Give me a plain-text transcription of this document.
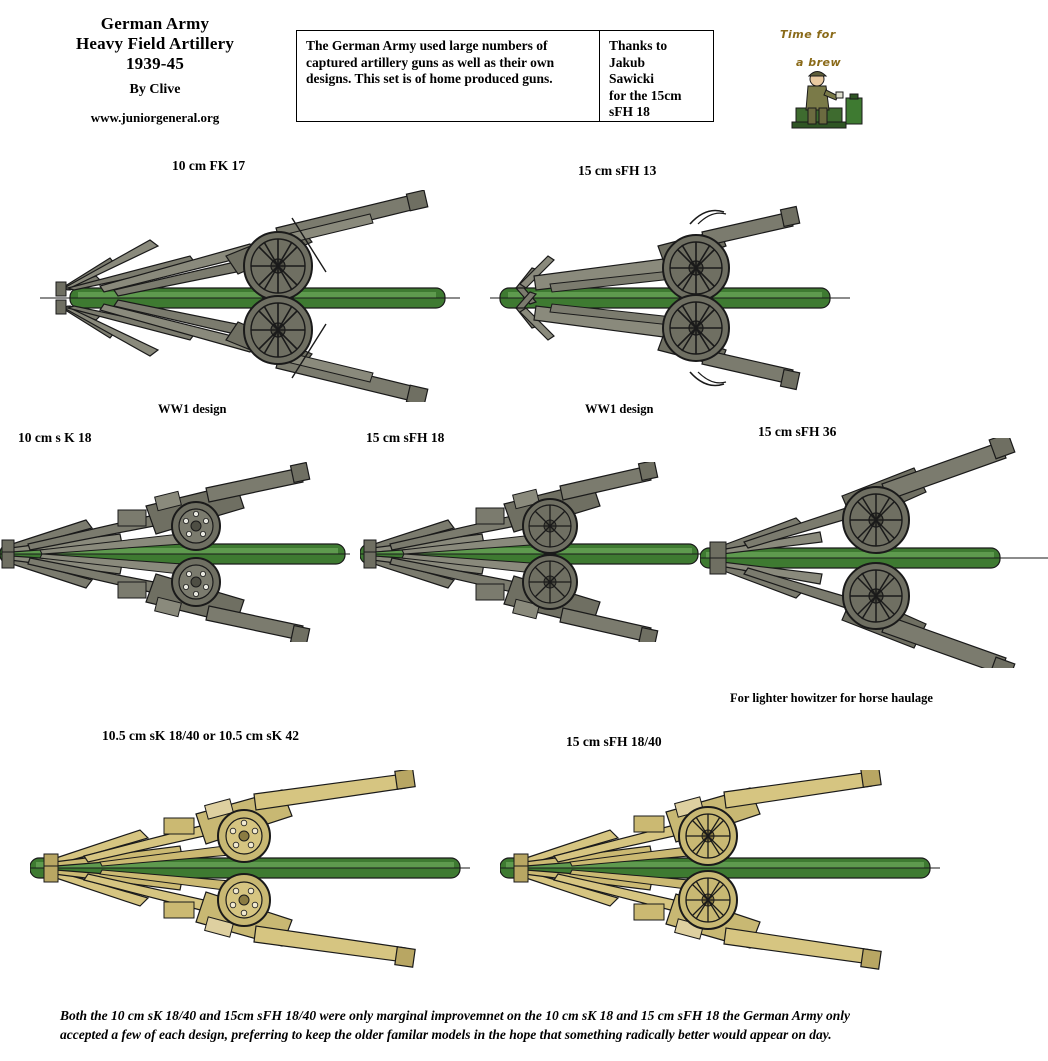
German Army
Heavy Field Artillery
1939-45
By Clive
www.juniorgeneral.org
The German Army used large numbers of captured artillery guns as well as their own designs. This set is of home produced guns.
Thanks to
Jakub
Sawicki
for the 15cm
sFH 18
Time for
a brew
10 cm FK 17
WW1 design
15 cm sFH 13
WW1 design
10 cm s K 18	15 cm sFH 18	15 cm sFH 36
For lighter howitzer for horse haulage
10.5 cm sK 18/40 or 10.5 cm sK 42	15 cm sFH 18/40
Both the 10 cm sK 18/40 and 15cm sFH 18/40 were only marginal improvemnet on the 10 cm sK 18 and 15 cm sFH 18 the German Army only
accepted a few of each design, preferring to keep the older familar models in the hope that something radically better would appear on day.
